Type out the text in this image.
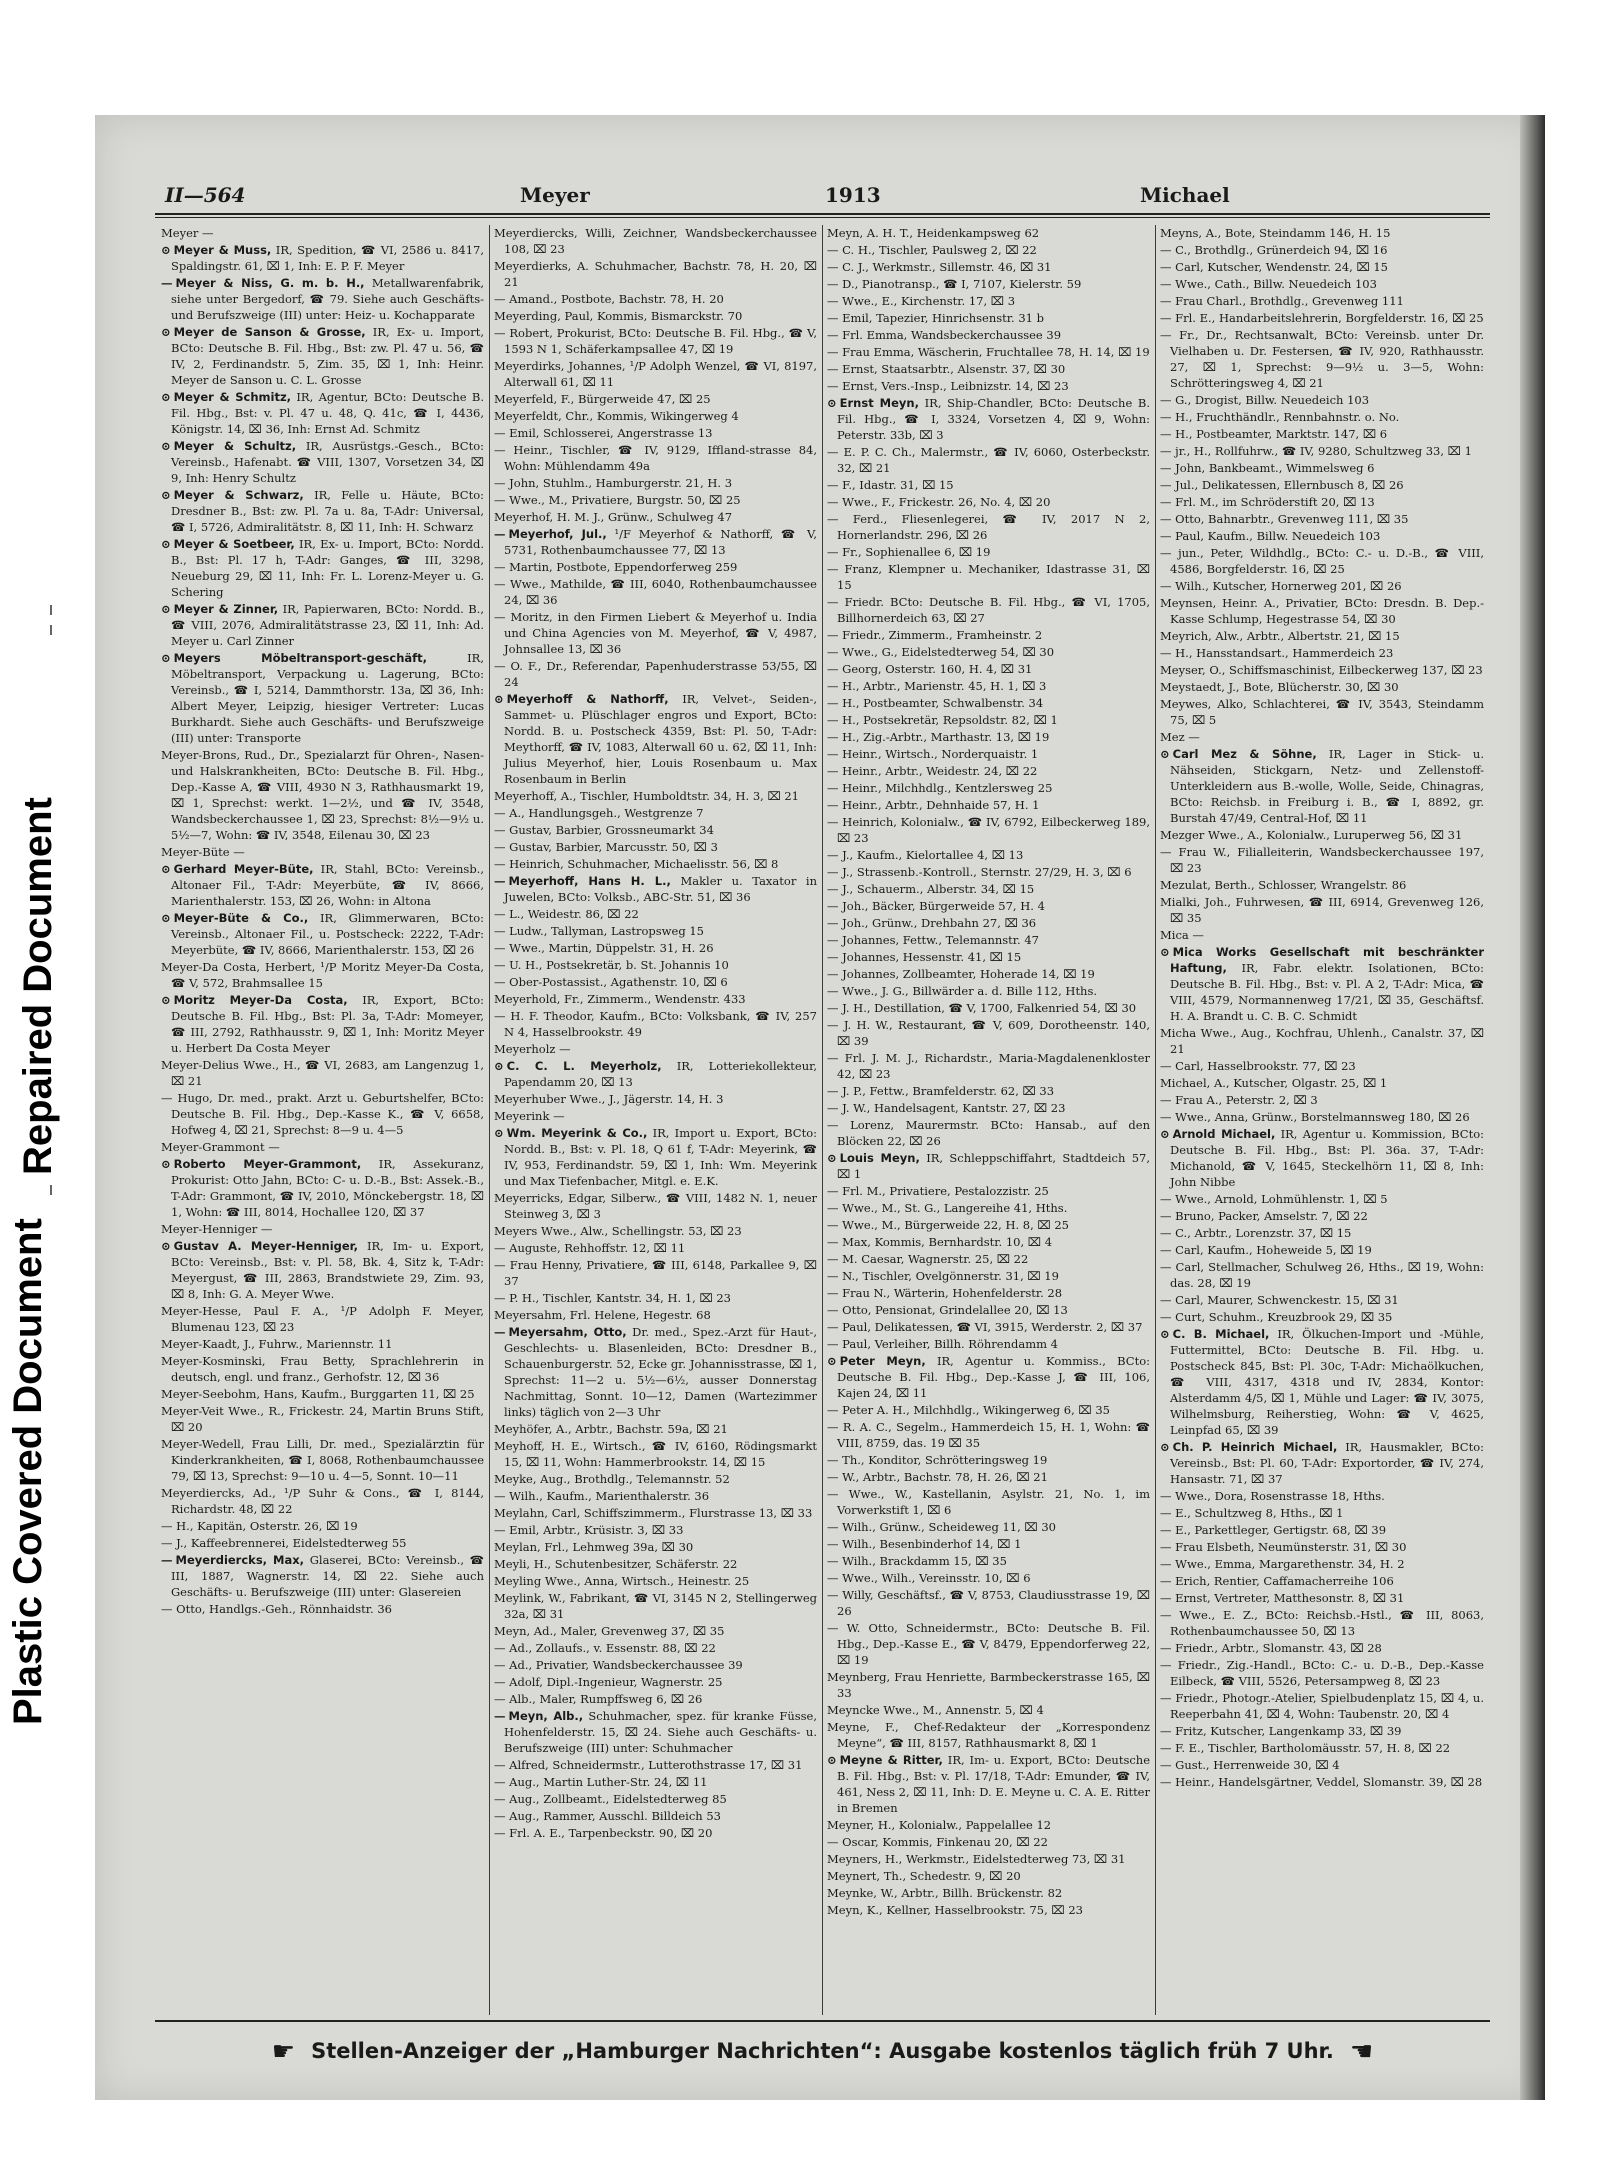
Plastic Covered Document
Repaired Document
II—564	Meyer	1913	Michael

Meyer —

⊙ Meyer & Muss, IR, Spedition, ☎ VI, 2586 u. 8417, Spaldingstr. 61, ⌧ 1, Inh: E. P. F. Meyer

— Meyer & Niss, G. m. b. H., Metallwarenfabrik, siehe unter Bergedorf, ☎ 79. Siehe auch Geschäfts- und Berufszweige (III) unter: Heiz- u. Kochapparate

⊙ Meyer de Sanson & Grosse, IR, Ex- u. Import, BCto: Deutsche B. Fil. Hbg., Bst: zw. Pl. 47 u. 56, ☎ IV, 2, Ferdinandstr. 5, Zim. 35, ⌧ 1, Inh: Heinr. Meyer de Sanson u. C. L. Grosse

⊙ Meyer & Schmitz, IR, Agentur, BCto: Deutsche B. Fil. Hbg., Bst: v. Pl. 47 u. 48, Q. 41c, ☎ I, 4436, Königstr. 14, ⌧ 36, Inh: Ernst Ad. Schmitz

⊙ Meyer & Schultz, IR, Ausrüstgs.-Gesch., BCto: Vereinsb., Hafenabt. ☎ VIII, 1307, Vorsetzen 34, ⌧ 9, Inh: Henry Schultz

⊙ Meyer & Schwarz, IR, Felle u. Häute, BCto: Dresdner B., Bst: zw. Pl. 7a u. 8a, T-Adr: Universal, ☎ I, 5726, Admiralitätstr. 8, ⌧ 11, Inh: H. Schwarz

⊙ Meyer & Soetbeer, IR, Ex- u. Import, BCto: Nordd. B., Bst: Pl. 17 h, T-Adr: Ganges, ☎ III, 3298, Neueburg 29, ⌧ 11, Inh: Fr. L. Lorenz-Meyer u. G. Schering

⊙ Meyer & Zinner, IR, Papierwaren, BCto: Nordd. B., ☎ VIII, 2076, Admiralitätstrasse 23, ⌧ 11, Inh: Ad. Meyer u. Carl Zinner

⊙ Meyers Möbeltransport-geschäft,	IR, Möbeltransport, Verpackung u. Lagerung, BCto: Vereinsb., ☎ I, 5214, Dammthorstr. 13a, ⌧ 36, Inh: Albert Meyer, Leipzig, hiesiger Vertreter: Lucas Burkhardt. Siehe auch Geschäfts- und Berufszweige (III) unter: Transporte

Meyer-Brons, Rud., Dr., Spezialarzt für Ohren-, Nasen- und Halskrankheiten, BCto: Deutsche B. Fil. Hbg., Dep.-Kasse A, ☎ VIII, 4930 N 3, Rathhausmarkt 19, ⌧ 1, Sprechst: werkt. 1—2½, und ☎ IV, 3548, Wandsbeckerchaussee 1, ⌧ 23, Sprechst: 8½—9½ u. 5½—7, Wohn: ☎ IV, 3548, Eilenau 30, ⌧ 23

Meyer-Büte —

⊙ Gerhard Meyer-Büte, IR, Stahl, BCto: Vereinsb., Altonaer Fil., T-Adr: Meyerbüte, ☎ IV, 8666, Marienthalerstr. 153, ⌧ 26, Wohn: in Altona

⊙ Meyer-Büte & Co., IR, Glimmerwaren, BCto: Vereinsb., Altonaer Fil., u. Postscheck: 2222, T-Adr: Meyerbüte, ☎ IV, 8666, Marienthalerstr. 153, ⌧ 26

Meyer-Da Costa, Herbert, ¹/P Moritz Meyer-Da Costa, ☎ V, 572, Brahmsallee 15

⊙ Moritz Meyer-Da Costa, IR, Export, BCto: Deutsche B. Fil. Hbg., Bst: Pl. 3a, T-Adr: Momeyer, ☎ III, 2792, Rathhausstr. 9, ⌧ 1, Inh: Moritz Meyer u. Herbert Da Costa Meyer

Meyer-Delius Wwe., H., ☎ VI, 2683, am Langenzug 1, ⌧ 21

— Hugo, Dr. med., prakt. Arzt u. Geburtshelfer, BCto: Deutsche B. Fil. Hbg., Dep.-Kasse K., ☎ V, 6658, Hofweg 4, ⌧ 21, Sprechst: 8—9 u. 4—5

Meyer-Grammont —

⊙ Roberto Meyer-Grammont, IR, Assekuranz, Prokurist: Otto Jahn, BCto: C- u. D.-B., Bst: Assek.-B., T-Adr: Grammont, ☎ IV, 2010, Mönckebergstr. 18, ⌧ 1, Wohn: ☎ III, 8014, Hochallee 120, ⌧ 37

Meyer-Henniger —

⊙ Gustav A. Meyer-Henniger, IR, Im- u. Export, BCto: Vereinsb., Bst: v. Pl. 58, Bk. 4, Sitz k, T-Adr: Meyergust, ☎ III, 2863, Brandstwiete 29, Zim. 93, ⌧ 8, Inh: G. A. Meyer Wwe.

Meyer-Hesse, Paul F. A., ¹/P Adolph F. Meyer, Blumenau 123, ⌧ 23

Meyer-Kaadt, J., Fuhrw., Mariennstr. 11

Meyer-Kosminski, Frau Betty, Sprachlehrerin in deutsch, engl. und franz., Gerhofstr. 12, ⌧ 36

Meyer-Seebohm, Hans, Kaufm., Burggarten 11, ⌧ 25

Meyer-Veit Wwe., R., Frickestr. 24, Martin Bruns Stift, ⌧ 20

Meyer-Wedell, Frau Lilli, Dr. med., Spezialärztin für Kinderkrankheiten, ☎ I, 8068, Rothenbaumchaussee 79, ⌧ 13, Sprechst: 9—10 u. 4—5, Sonnt. 10—11

Meyerdiercks, Ad., ¹/P Suhr & Cons., ☎ I, 8144, Richardstr. 48, ⌧ 22

— H., Kapitän, Osterstr. 26, ⌧ 19

— J., Kaffeebrennerei, Eidelstedterweg 55

— Meyerdiercks, Max, Glaserei, BCto: Vereinsb., ☎ III, 1887, Wagnerstr. 14, ⌧ 22. Siehe auch Geschäfts- u. Berufszweige (III) unter: Glasereien

— Otto, Handlgs.-Geh., Rönnhaidstr. 36

Meyerdiercks, Willi, Zeichner, Wandsbeckerchaussee 108, ⌧ 23

Meyerdierks, A. Schuhmacher, Bachstr. 78, H. 20, ⌧ 21

— Amand., Postbote, Bachstr. 78, H. 20

Meyerding, Paul, Kommis, Bismarckstr. 70

— Robert, Prokurist, BCto: Deutsche B. Fil. Hbg., ☎ V, 1593 N 1, Schäferkampsallee 47, ⌧ 19

Meyerdirks, Johannes, ¹/P Adolph Wenzel, ☎ VI, 8197, Alterwall 61, ⌧ 11

Meyerfeld, F., Bürgerweide 47, ⌧ 25

Meyerfeldt, Chr., Kommis, Wikingerweg 4

— Emil, Schlosserei, Angerstrasse 13

— Heinr., Tischler, ☎ IV, 9129, Iffland-strasse 84, Wohn: Mühlendamm 49a

— John, Stuhlm., Hamburgerstr. 21, H. 3

— Wwe., M., Privatiere, Burgstr. 50, ⌧ 25

Meyerhof, H. M. J., Grünw., Schulweg 47

— Meyerhof, Jul., ¹/F Meyerhof & Nathorff, ☎ V, 5731, Rothenbaumchaussee 77, ⌧ 13

— Martin, Postbote, Eppendorferweg 259

— Wwe., Mathilde, ☎ III, 6040, Rothenbaumchaussee 24, ⌧ 36

— Moritz, in den Firmen Liebert & Meyerhof u. India und China Agencies von M. Meyerhof, ☎ V, 4987, Johnsallee 13, ⌧ 36

— O. F., Dr., Referendar, Papenhuderstrasse 53/55, ⌧ 24

⊙ Meyerhoff & Nathorff, IR, Velvet-, Seiden-, Sammet- u. Plüschlager engros und Export, BCto: Nordd. B. u. Postscheck 4359, Bst: Pl. 50, T-Adr: Meythorff, ☎ IV, 1083, Alterwall 60 u. 62, ⌧ 11, Inh: Julius Meyerhof, hier, Louis Rosenbaum u. Max Rosenbaum in Berlin

Meyerhoff, A., Tischler, Humboldtstr. 34, H. 3, ⌧ 21

— A., Handlungsgeh., Westgrenze 7

— Gustav, Barbier, Grossneumarkt 34

— Gustav, Barbier, Marcusstr. 50, ⌧ 3

— Heinrich, Schuhmacher, Michaelisstr. 56, ⌧ 8

— Meyerhoff, Hans H. L., Makler u. Taxator in Juwelen, BCto: Volksb., ABC-Str. 51, ⌧ 36

— L., Weidestr. 86, ⌧ 22

— Ludw., Tallyman, Lastropsweg 15

— Wwe., Martin, Düppelstr. 31, H. 26

— U. H., Postsekretär, b. St. Johannis 10

— Ober-Postassist., Agathenstr. 10, ⌧ 6

Meyerhold, Fr., Zimmerm., Wendenstr. 433

— H. F. Theodor, Kaufm., BCto: Volksbank, ☎ IV, 257 N 4, Hasselbrookstr. 49

Meyerholz —

⊙ C. C. L. Meyerholz, IR, Lotteriekollekteur, Papendamm 20, ⌧ 13

Meyerhuber Wwe., J., Jägerstr. 14, H. 3

Meyerink —

⊙ Wm. Meyerink & Co., IR, Import u. Export, BCto: Nordd. B., Bst: v. Pl. 18, Q 61 f, T-Adr: Meyerink, ☎ IV, 953, Ferdinandstr. 59, ⌧ 1, Inh: Wm. Meyerink und Max Tiefenbacher, Mitgl. e. E.K.

Meyerricks, Edgar, Silberw., ☎ VIII, 1482 N. 1, neuer Steinweg 3, ⌧ 3

Meyers Wwe., Alw., Schellingstr. 53, ⌧ 23

— Auguste, Rehhoffstr. 12, ⌧ 11

— Frau Henny, Privatiere, ☎ III, 6148, Parkallee 9, ⌧ 37

— P. H., Tischler, Kantstr. 34, H. 1, ⌧ 23

Meyersahm, Frl. Helene, Hegestr. 68

— Meyersahm, Otto, Dr. med., Spez.-Arzt für Haut-, Geschlechts- u. Blasenleiden, BCto: Dresdner B., Schauenburgerstr. 52, Ecke gr. Johannisstrasse, ⌧ 1, Sprechst: 11—2 u. 5½—6½, ausser Donnerstag Nachmittag, Sonnt. 10—12, Damen (Wartezimmer links) täglich von 2—3 Uhr

Meyhöfer, A., Arbtr., Bachstr. 59a, ⌧ 21

Meyhoff, H. E., Wirtsch., ☎ IV, 6160, Rödingsmarkt 15, ⌧ 11, Wohn: Hammerbrookstr. 14, ⌧ 15

Meyke, Aug., Brothdlg., Telemannstr. 52

— Wilh., Kaufm., Marienthalerstr. 36

Meylahn, Carl, Schiffszimmerm., Flurstrasse 13, ⌧ 33

— Emil, Arbtr., Krüsistr. 3, ⌧ 33

Meylan, Frl., Lehmweg 39a, ⌧ 30

Meyli, H., Schutenbesitzer, Schäferstr. 22

Meyling Wwe., Anna, Wirtsch., Heinestr. 25

Meylink, W., Fabrikant, ☎ VI, 3145 N 2, Stellingerweg 32a, ⌧ 31

Meyn, Ad., Maler, Grevenweg 37, ⌧ 35

— Ad., Zollaufs., v. Essenstr. 88, ⌧ 22

— Ad., Privatier, Wandsbeckerchaussee 39

— Adolf, Dipl.-Ingenieur, Wagnerstr. 25

— Alb., Maler, Rumpffsweg 6, ⌧ 26

— Meyn, Alb., Schuhmacher, spez. für kranke Füsse, Hohenfelderstr. 15, ⌧ 24. Siehe auch Geschäfts- u. Berufszweige (III) unter: Schuhmacher

— Alfred, Schneidermstr., Lutterothstrasse 17, ⌧ 31

— Aug., Martin Luther-Str. 24, ⌧ 11

— Aug., Zollbeamt., Eidelstedterweg 85

— Aug., Rammer, Ausschl. Billdeich 53

— Frl. A. E., Tarpenbeckstr. 90, ⌧ 20

Meyn, A. H. T., Heidenkampsweg 62

— C. H., Tischler, Paulsweg 2, ⌧ 22

— C. J., Werkmstr., Sillemstr. 46, ⌧ 31

— D., Pianotransp., ☎ I, 7107, Kielerstr. 59

— Wwe., E., Kirchenstr. 17, ⌧ 3

— Emil, Tapezier, Hinrichsenstr. 31 b

— Frl. Emma, Wandsbeckerchaussee 39

— Frau Emma, Wäscherin, Fruchtallee 78, H. 14, ⌧ 19

— Ernst, Staatsarbtr., Alsenstr. 37, ⌧ 30

— Ernst, Vers.-Insp., Leibnizstr. 14, ⌧ 23

⊙ Ernst Meyn, IR, Ship-Chandler, BCto: Deutsche B. Fil. Hbg., ☎ I, 3324, Vorsetzen 4, ⌧ 9, Wohn: Peterstr. 33b, ⌧ 3

— E. P. C. Ch., Malermstr., ☎ IV, 6060, Osterbeckstr. 32, ⌧ 21

— F., Idastr. 31, ⌧ 15

— Wwe., F., Frickestr. 26, No. 4, ⌧ 20

— Ferd., Fliesenlegerei, ☎ IV, 2017 N 2, Hornerlandstr. 296, ⌧ 26

— Fr., Sophienallee 6, ⌧ 19

— Franz, Klempner u. Mechaniker, Idastrasse 31, ⌧ 15

— Friedr. BCto: Deutsche B. Fil. Hbg., ☎ VI, 1705, Billhornerdeich 63, ⌧ 27

— Friedr., Zimmerm., Framheinstr. 2

— Wwe., G., Eidelstedterweg 54, ⌧ 30

— Georg, Osterstr. 160, H. 4, ⌧ 31

— H., Arbtr., Marienstr. 45, H. 1, ⌧ 3

— H., Postbeamter, Schwalbenstr. 34

— H., Postsekretär, Repsoldstr. 82, ⌧ 1

— H., Zig.-Arbtr., Marthastr. 13, ⌧ 19

— Heinr., Wirtsch., Norderquaistr. 1

— Heinr., Arbtr., Weidestr. 24, ⌧ 22

— Heinr., Milchhdlg., Kentzlersweg 25

— Heinr., Arbtr., Dehnhaide 57, H. 1

— Heinrich, Kolonialw., ☎ IV, 6792, Eilbeckerweg 189, ⌧ 23

— J., Kaufm., Kielortallee 4, ⌧ 13

— J., Strassenb.-Kontroll., Sternstr. 27/29, H. 3, ⌧ 6

— J., Schauerm., Alberstr. 34, ⌧ 15

— Joh., Bäcker, Bürgerweide 57, H. 4

— Joh., Grünw., Drehbahn 27, ⌧ 36

— Johannes, Fettw., Telemannstr. 47

— Johannes, Hessenstr. 41, ⌧ 15

— Johannes, Zollbeamter, Hoherade 14, ⌧ 19

— Wwe., J. G., Billwärder a. d. Bille 112, Hths.

— J. H., Destillation, ☎ V, 1700, Falkenried 54, ⌧ 30

— J. H. W., Restaurant, ☎ V, 609, Dorotheenstr. 140, ⌧ 39

— Frl. J. M. J., Richardstr., Maria-Magdalenenkloster 42, ⌧ 23

— J. P., Fettw., Bramfelderstr. 62, ⌧ 33

— J. W., Handelsagent, Kantstr. 27, ⌧ 23

— Lorenz, Maurermstr. BCto: Hansab., auf den Blöcken 22, ⌧ 26

⊙ Louis Meyn, IR, Schleppschiffahrt, Stadtdeich 57, ⌧ 1

— Frl. M., Privatiere, Pestalozzistr. 25

— Wwe., M., St. G., Langereihe 41, Hths.

— Wwe., M., Bürgerweide 22, H. 8, ⌧ 25

— Max, Kommis, Bernhardstr. 10, ⌧ 4

— M. Caesar, Wagnerstr. 25, ⌧ 22

— N., Tischler, Ovelgönnerstr. 31, ⌧ 19

— Frau N., Wärterin, Hohenfelderstr. 28

— Otto, Pensionat, Grindelallee 20, ⌧ 13

— Paul, Delikatessen, ☎ VI, 3915, Werderstr. 2, ⌧ 37

— Paul, Verleiher, Billh. Röhrendamm 4

⊙ Peter Meyn, IR, Agentur u. Kommiss., BCto: Deutsche B. Fil. Hbg., Dep.-Kasse J, ☎ III, 106, Kajen 24, ⌧ 11

— Peter A. H., Milchhdlg., Wikingerweg 6, ⌧ 35

— R. A. C., Segelm., Hammerdeich 15, H. 1, Wohn: ☎ VIII, 8759, das. 19 ⌧ 35

— Th., Konditor, Schrötteringsweg 19

— W., Arbtr., Bachstr. 78, H. 26, ⌧ 21

— Wwe., W., Kastellanin, Asylstr. 21, No. 1, im Vorwerkstift 1, ⌧ 6

— Wilh., Grünw., Scheideweg 11, ⌧ 30

— Wilh., Besenbinderhof 14, ⌧ 1

— Wilh., Brackdamm 15, ⌧ 35

— Wwe., Wilh., Vereinsstr. 10, ⌧ 6

— Willy, Geschäftsf., ☎ V, 8753, Claudiusstrasse 19, ⌧ 26

— W. Otto, Schneidermstr., BCto: Deutsche B. Fil. Hbg., Dep.-Kasse E., ☎ V, 8479, Eppendorferweg 22, ⌧ 19

Meynberg, Frau Henriette, Barmbeckerstrasse 165, ⌧ 33

Meyncke Wwe., M., Annenstr. 5, ⌧ 4

Meyne, F., Chef-Redakteur der „Korrespondenz Meyne“, ☎ III, 8157, Rathhausmarkt 8, ⌧ 1

⊙ Meyne & Ritter, IR, Im- u. Export, BCto: Deutsche B. Fil. Hbg., Bst: v. Pl. 17/18, T-Adr: Emunder, ☎ IV, 461, Ness 2, ⌧ 11, Inh: D. E. Meyne u. C. A. E. Ritter in Bremen

Meyner, H., Kolonialw., Pappelallee 12

— Oscar, Kommis, Finkenau 20, ⌧ 22

Meyners, H., Werkmstr., Eidelstedterweg 73, ⌧ 31

Meynert, Th., Schedestr. 9, ⌧ 20

Meynke, W., Arbtr., Billh. Brückenstr. 82

Meyn, K., Kellner, Hasselbrookstr. 75, ⌧ 23

Meyns, A., Bote, Steindamm 146, H. 15

— C., Brothdlg., Grünerdeich 94, ⌧ 16

— Carl, Kutscher, Wendenstr. 24, ⌧ 15

— Wwe., Cath., Billw. Neuedeich 103

— Frau Charl., Brothdlg., Grevenweg 111

— Frl. E., Handarbeitslehrerin, Borgfelderstr. 16, ⌧ 25

— Fr., Dr., Rechtsanwalt, BCto: Vereinsb. unter Dr. Vielhaben u. Dr. Festersen, ☎ IV, 920, Rathhausstr. 27, ⌧ 1, Sprechst: 9—9½ u. 3—5, Wohn: Schrötteringsweg 4, ⌧ 21

— G., Drogist, Billw. Neuedeich 103

— H., Fruchthändlr., Rennbahnstr. o. No.

— H., Postbeamter, Marktstr. 147, ⌧ 6

— jr., H., Rollfuhrw., ☎ IV, 9280, Schultzweg 33, ⌧ 1

— John, Bankbeamt., Wimmelsweg 6

— Jul., Delikatessen, Ellernbusch 8, ⌧ 26

— Frl. M., im Schröderstift 20, ⌧ 13

— Otto, Bahnarbtr., Grevenweg 111, ⌧ 35

— Paul, Kaufm., Billw. Neuedeich 103

— jun., Peter, Wildhdlg., BCto: C.- u. D.-B., ☎ VIII, 4586, Borgfelderstr. 16, ⌧ 25

— Wilh., Kutscher, Hornerweg 201, ⌧ 26

Meynsen, Heinr. A., Privatier, BCto: Dresdn. B. Dep.-Kasse Schlump, Hegestrasse 54, ⌧ 30

Meyrich, Alw., Arbtr., Albertstr. 21, ⌧ 15

— H., Hansstandsart., Hammerdeich 23

Meyser, O., Schiffsmaschinist, Eilbeckerweg 137, ⌧ 23

Meystaedt, J., Bote, Blücherstr. 30, ⌧ 30

Meywes, Alko, Schlachterei, ☎ IV, 3543, Steindamm 75, ⌧ 5

Mez —

⊙ Carl Mez & Söhne, IR, Lager in Stick- u. Nähseiden, Stickgarn, Netz- und Zellenstoff-Unterkleidern aus B.-wolle, Wolle, Seide, Chinagras, BCto: Reichsb. in Freiburg i. B., ☎ I, 8892, gr. Burstah 47/49, Central-Hof, ⌧ 11

Mezger Wwe., A., Kolonialw., Luruperweg 56, ⌧ 31

— Frau W., Filialleiterin, Wandsbeckerchaussee 197, ⌧ 23

Mezulat, Berth., Schlosser, Wrangelstr. 86

Mialki, Joh., Fuhrwesen, ☎ III, 6914, Grevenweg 126, ⌧ 35

Mica —

⊙ Mica Works Gesellschaft mit beschränkter Haftung, IR, Fabr. elektr. Isolationen, BCto: Deutsche B. Fil. Hbg., Bst: v. Pl. A 2, T-Adr: Mica, ☎ VIII, 4579, Normannenweg 17/21, ⌧ 35, Geschäftsf. H. A. Brandt u. C. B. C. Schmidt

Micha Wwe., Aug., Kochfrau, Uhlenh., Canalstr. 37, ⌧ 21

— Carl, Hasselbrookstr. 77, ⌧ 23

Michael, A., Kutscher, Olgastr. 25, ⌧ 1

— Frau A., Peterstr. 2, ⌧ 3

— Wwe., Anna, Grünw., Borstelmannsweg 180, ⌧ 26

⊙ Arnold Michael, IR, Agentur u. Kommission, BCto: Deutsche B. Fil. Hbg., Bst: Pl. 36a. 37, T-Adr: Michanold, ☎ V, 1645, Steckelhörn 11, ⌧ 8, Inh: John Nibbe

— Wwe., Arnold, Lohmühlenstr. 1, ⌧ 5

— Bruno, Packer, Amselstr. 7, ⌧ 22

— C., Arbtr., Lorenzstr. 37, ⌧ 15

— Carl, Kaufm., Hoheweide 5, ⌧ 19

— Carl, Stellmacher, Schulweg 26, Hths., ⌧ 19, Wohn: das. 28, ⌧ 19

— Carl, Maurer, Schwenckestr. 15, ⌧ 31

— Curt, Schuhm., Kreuzbrook 29, ⌧ 35

⊙ C. B. Michael, IR, Ölkuchen-Import und -Mühle, Futtermittel, BCto: Deutsche B. Fil. Hbg. u. Postscheck 845, Bst: Pl. 30c, T-Adr: Michaölkuchen, ☎ VIII, 4317, 4318 und IV, 2834, Kontor: Alsterdamm 4/5, ⌧ 1, Mühle und Lager: ☎ IV, 3075, Wilhelmsburg, Reiherstieg, Wohn: ☎ V, 4625, Leinpfad 65, ⌧ 39

⊙ Ch. P. Heinrich Michael, IR, Hausmakler, BCto: Vereinsb., Bst: Pl. 60, T-Adr: Exportorder, ☎ IV, 274, Hansastr. 71, ⌧ 37

— Wwe., Dora, Rosenstrasse 18, Hths.

— E., Schultzweg 8, Hths., ⌧ 1

— E., Parkettleger, Gertigstr. 68, ⌧ 39

— Frau Elsbeth, Neumünsterstr. 31, ⌧ 30

— Wwe., Emma, Margarethenstr. 34, H. 2

— Erich, Rentier, Caffamacherreihe 106

— Ernst, Vertreter, Matthesonstr. 8, ⌧ 31

— Wwe., E. Z., BCto: Reichsb.-Hstl., ☎ III, 8063, Rothenbaumchaussee 50, ⌧ 13

— Friedr., Arbtr., Slomanstr. 43, ⌧ 28

— Friedr., Zig.-Handl., BCto: C.- u. D.-B., Dep.-Kasse Eilbeck, ☎ VIII, 5526, Petersampweg 8, ⌧ 23

— Friedr., Photogr.-Atelier, Spielbudenplatz 15, ⌧ 4, u. Reeperbahn 41, ⌧ 4, Wohn: Taubenstr. 20, ⌧ 4

— Fritz, Kutscher, Langenkamp 33, ⌧ 39

— F. E., Tischler, Bartholomäusstr. 57, H. 8, ⌧ 22

— Gust., Herrenweide 30, ⌧ 4

— Heinr., Handelsgärtner, Veddel, Slomanstr. 39, ⌧ 28

☛ Stellen-Anzeiger der „Hamburger Nachrichten“: Ausgabe kostenlos täglich früh 7 Uhr. ☚
